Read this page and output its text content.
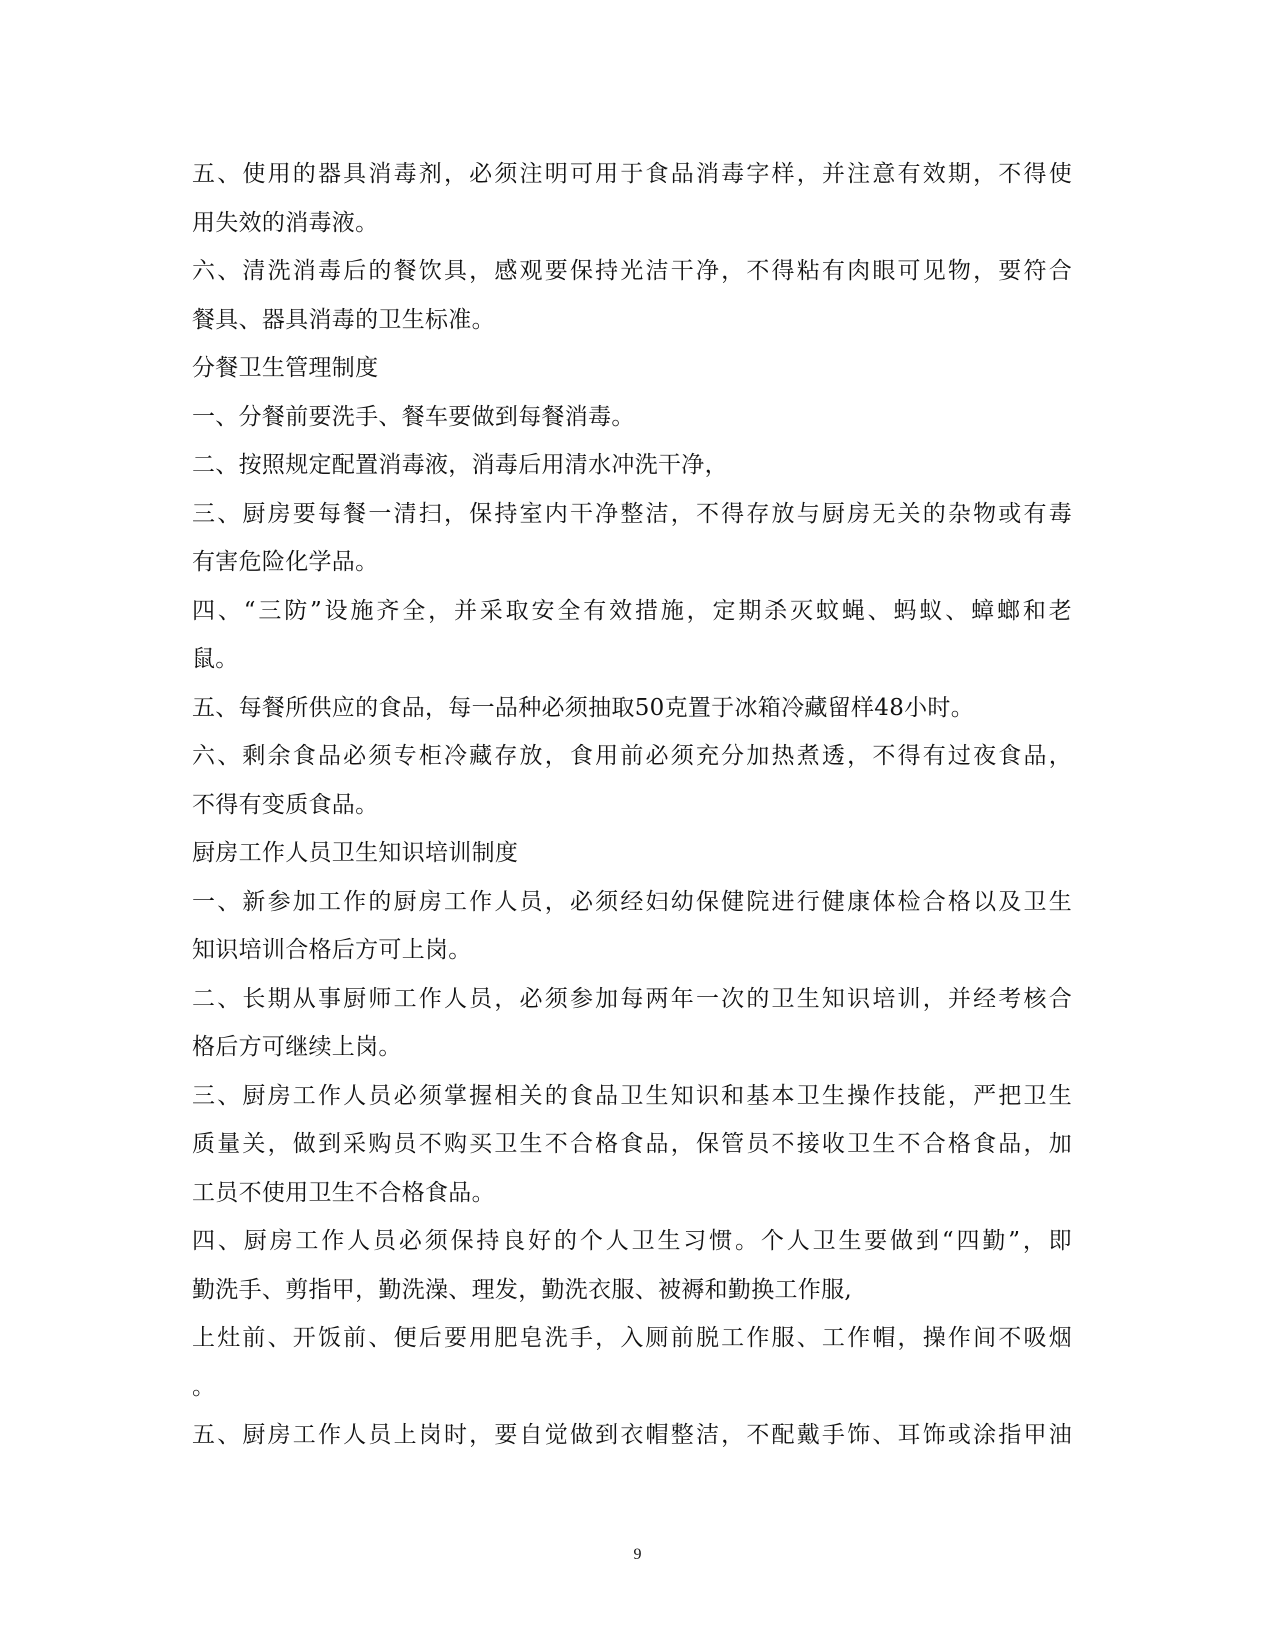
五、使用的器具消毒剂，必须注明可用于食品消毒字样，并注意有效期，不得使
用失效的消毒液。
六、清洗消毒后的餐饮具，感观要保持光洁干净，不得粘有肉眼可见物，要符合
餐具、器具消毒的卫生标准。
分餐卫生管理制度
一、分餐前要洗手、餐车要做到每餐消毒。
二、按照规定配置消毒液，消毒后用清水冲洗干净，
三、厨房要每餐一清扫，保持室内干净整洁，不得存放与厨房无关的杂物或有毒
有害危险化学品。
四、“三防”设施齐全，并采取安全有效措施，定期杀灭蚊蝇、蚂蚁、蟑螂和老
鼠。
五、每餐所供应的食品，每一品种必须抽取50克置于冰箱冷藏留样48小时。
六、剩余食品必须专柜冷藏存放，食用前必须充分加热煮透，不得有过夜食品，
不得有变质食品。
厨房工作人员卫生知识培训制度
一、新参加工作的厨房工作人员，必须经妇幼保健院进行健康体检合格以及卫生
知识培训合格后方可上岗。
二、长期从事厨师工作人员，必须参加每两年一次的卫生知识培训，并经考核合
格后方可继续上岗。
三、厨房工作人员必须掌握相关的食品卫生知识和基本卫生操作技能，严把卫生
质量关，做到采购员不购买卫生不合格食品，保管员不接收卫生不合格食品，加
工员不使用卫生不合格食品。
四、厨房工作人员必须保持良好的个人卫生习惯。个人卫生要做到“四勤”，即
勤洗手、剪指甲，勤洗澡、理发，勤洗衣服、被褥和勤换工作服,
上灶前、开饭前、便后要用肥皂洗手，入厕前脱工作服、工作帽，操作间不吸烟
。
五、厨房工作人员上岗时，要自觉做到衣帽整洁，不配戴手饰、耳饰或涂指甲油
9
